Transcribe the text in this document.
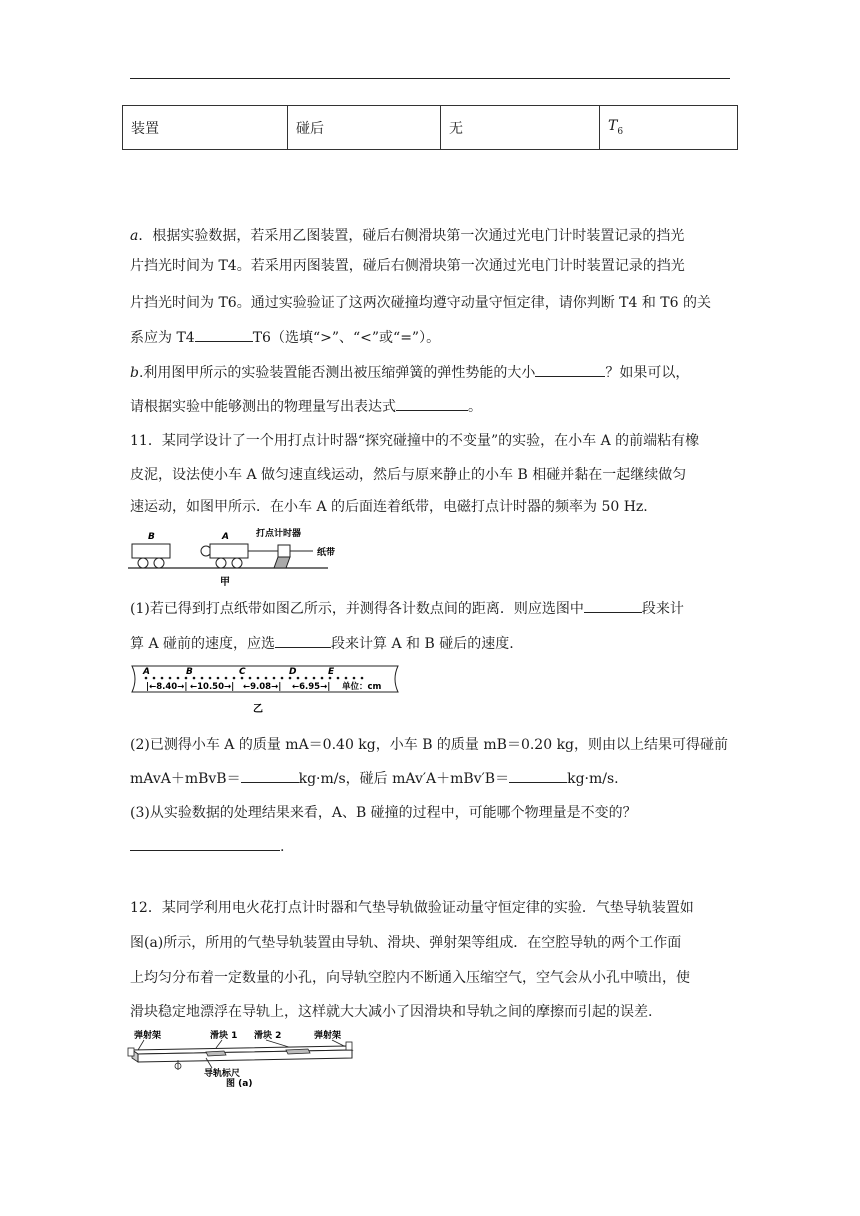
装置	碰后	无	$T_6$
a．根据实验数据，若采用乙图装置，碰后右侧滑块第一次通过光电门计时装置记录的挡光
片挡光时间为 T4。若采用丙图装置，碰后右侧滑块第一次通过光电门计时装置记录的挡光
片挡光时间为 T6。通过实验验证了这两次碰撞均遵守动量守恒定律，请你判断 T4 和 T6 的关
系应为 T4	T6（选填“>”、“<”或“=”）。
b.利用图甲所示的实验装置能否测出被压缩弹簧的弹性势能的大小	？如果可以，
请根据实验中能够测出的物理量写出表达式	。
11．某同学设计了一个用打点计时器“探究碰撞中的不变量”的实验，在小车 A 的前端粘有橡
皮泥，设法使小车 A 做匀速直线运动，然后与原来静止的小车 B 相碰并黏在一起继续做匀
速运动，如图甲所示．在小车 A 的后面连着纸带，电磁打点计时器的频率为 50 Hz.
B	A	打点计时器
纸带
甲
(1)若已得到打点纸带如图乙所示，并测得各计数点间的距离．则应选图中	段来计
算 A 碰前的速度，应选	段来计算 A 和 B 碰后的速度.
A	B	C	D	E
|←8.40→| ←10.50→| ←9.08→| ←6.95→| 单位：cm
乙
(2)已测得小车 A 的质量 mA＝0.40 kg，小车 B 的质量 mB＝0.20 kg，则由以上结果可得碰前
mAvA＋mBvB＝	kg·m/s，碰后 mAv′A＋mBv′B＝	kg·m/s.
(3)从实验数据的处理结果来看，A、B 碰撞的过程中，可能哪个物理量是不变的？
.
12．某同学利用电火花打点计时器和气垫导轨做验证动量守恒定律的实验．气垫导轨装置如
图(a)所示，所用的气垫导轨装置由导轨、滑块、弹射架等组成．在空腔导轨的两个工作面
上均匀分布着一定数量的小孔，向导轨空腔内不断通入压缩空气，空气会从小孔中喷出，使
滑块稳定地漂浮在导轨上，这样就大大减小了因滑块和导轨之间的摩擦而引起的误差.
弹射架	滑块 1 滑块 2	弹射架
导轨标尺
图 (a)
